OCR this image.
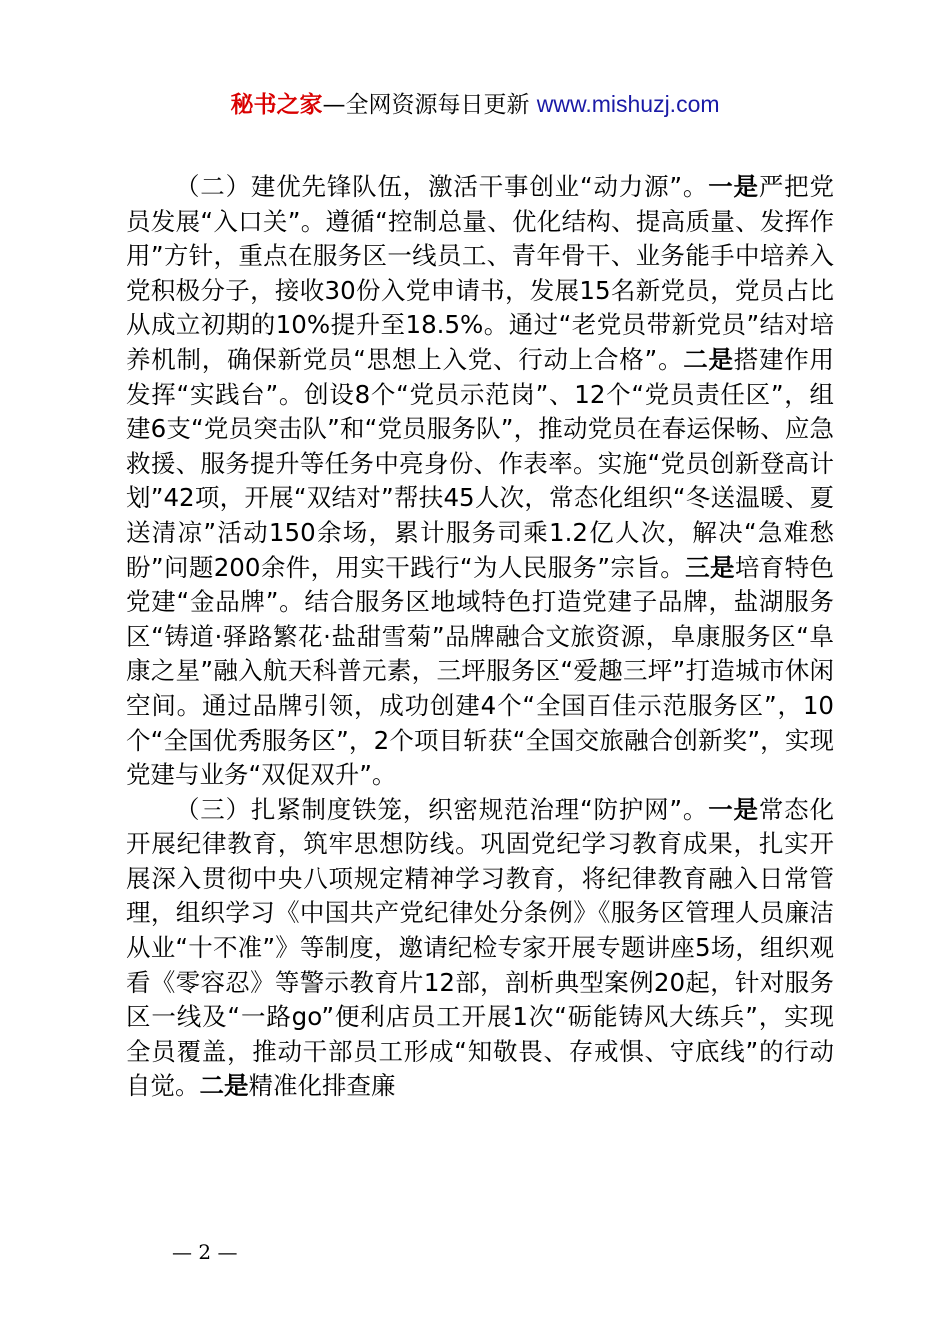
秘书之家—全网资源每日更新 www.mishuzj.com

（二）建优先锋队伍，激活干事创业“动力源”。一是严把党员发展“入口关”。遵循“控制总量、优化结构、提高质量、发挥作用”方针，重点在服务区一线员工、青年骨干、业务能手中培养入党积极分子，接收30份入党申请书，发展15名新党员，党员占比从成立初期的10%提升至18.5%。通过“老党员带新党员”结对培养机制，确保新党员“思想上入党、行动上合格”。二是搭建作用发挥“实践台”。创设8个“党员示范岗”、12个“党员责任区”，组建6支“党员突击队”和“党员服务队”，推动党员在春运保畅、应急救援、服务提升等任务中亮身份、作表率。实施“党员创新登高计划”42项，开展“双结对”帮扶45人次，常态化组织“冬送温暖、夏送清凉”活动150余场，累计服务司乘1.2亿人次，解决“急难愁盼”问题200余件，用实干践行“为人民服务”宗旨。三是培育特色党建“金品牌”。结合服务区地域特色打造党建子品牌，盐湖服务区“铸道·驿路繁花·盐甜雪菊”品牌融合文旅资源，阜康服务区“阜康之星”融入航天科普元素，三坪服务区“爱趣三坪”打造城市休闲空间。通过品牌引领，成功创建4个“全国百佳示范服务区”，10个“全国优秀服务区”，2个项目斩获“全国交旅融合创新奖”，实现党建与业务“双促双升”。

（三）扎紧制度铁笼，织密规范治理“防护网”。一是常态化开展纪律教育，筑牢思想防线。巩固党纪学习教育成果，扎实开展深入贯彻中央八项规定精神学习教育，将纪律教育融入日常管理，组织学习《中国共产党纪律处分条例》《服务区管理人员廉洁从业“十不准”》等制度，邀请纪检专家开展专题讲座5场，组织观看《零容忍》等警示教育片12部，剖析典型案例20起，针对服务区一线及“一路go”便利店员工开展1次“砺能铸风大练兵”，实现全员覆盖，推动干部员工形成“知敬畏、存戒惧、守底线”的行动自觉。二是精准化排查廉

— 2 —
